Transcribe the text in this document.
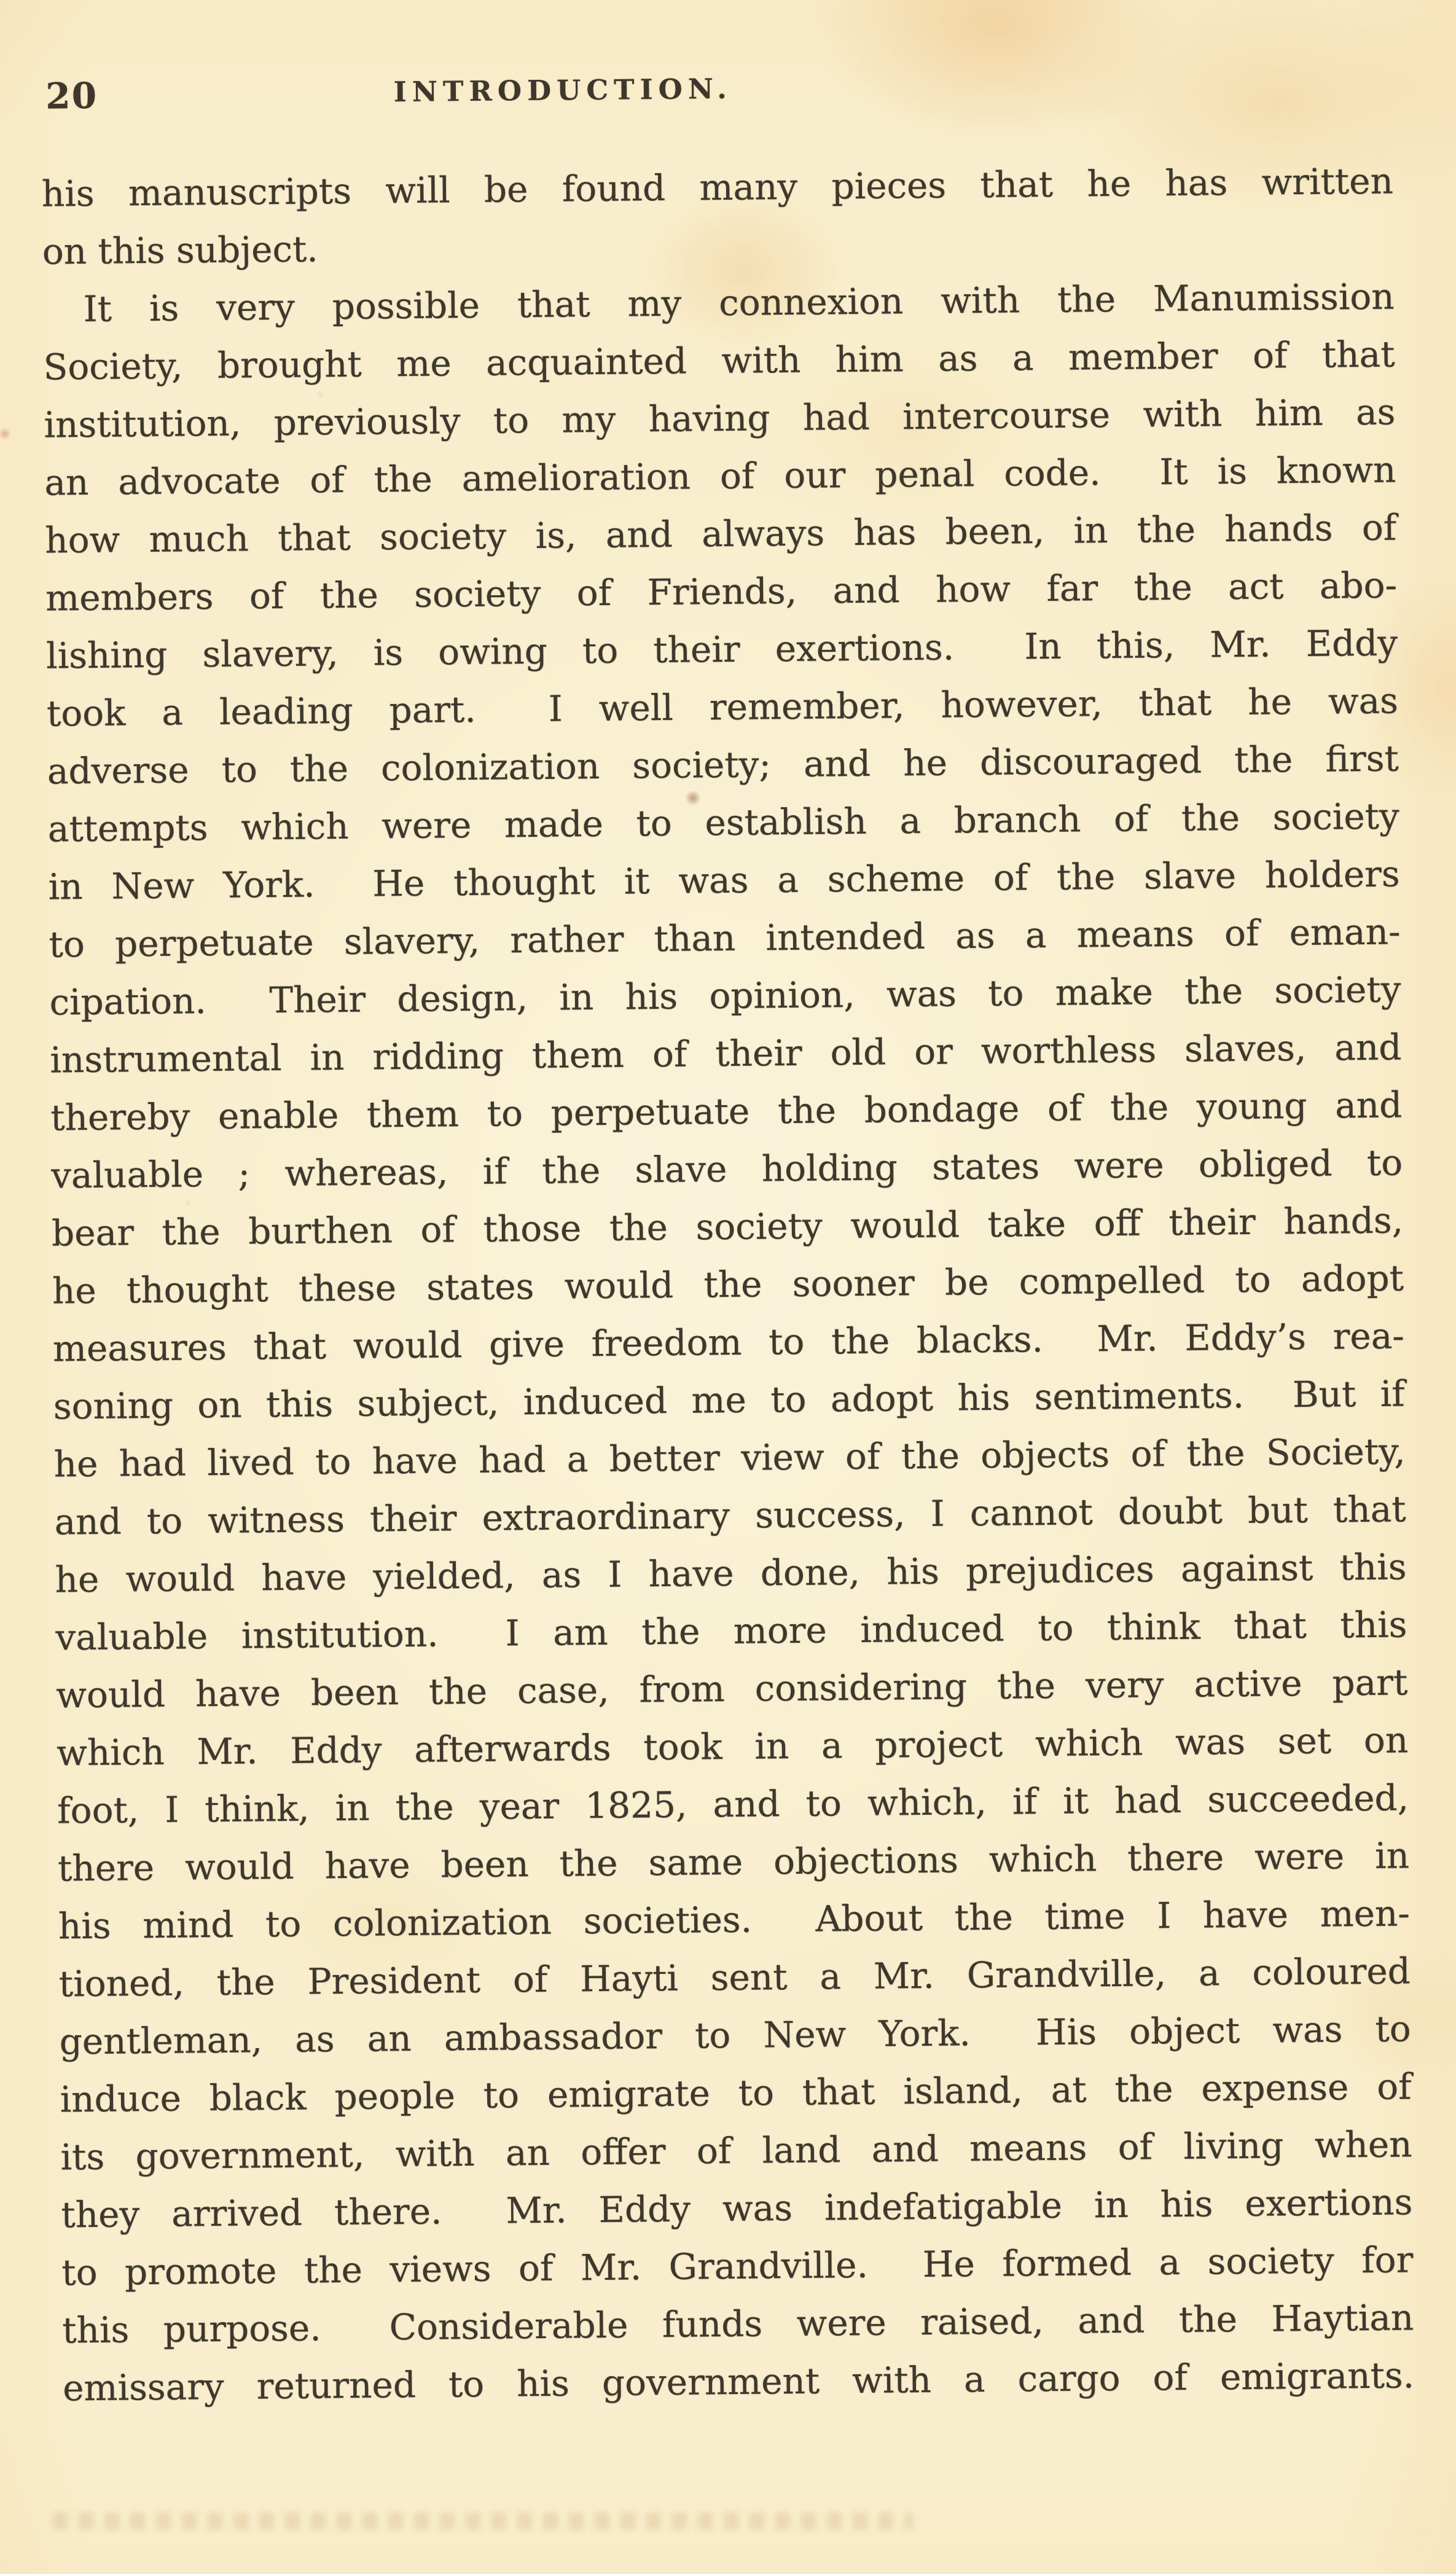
20	INTRODUCTION.
his manuscripts will be found many pieces that he has written
on this subject.
It is very possible that my connexion with the Manumission
Society, brought me acquainted with him as a member of that
institution, previously to my having had intercourse with him as
an advocate of the amelioration of our penal code.  It is known
how much that society is, and always has been, in the hands of
members of the society of Friends, and how far the act abo-
lishing slavery, is owing to their exertions.  In this, Mr. Eddy
took a leading part.  I well remember, however, that he was
adverse to the colonization society; and he discouraged the first
attempts which were made to establish a branch of the society
in New York.  He thought it was a scheme of the slave holders
to perpetuate slavery, rather than intended as a means of eman-
cipation.  Their design, in his opinion, was to make the society
instrumental in ridding them of their old or worthless slaves, and
thereby enable them to perpetuate the bondage of the young and
valuable ; whereas, if the slave holding states were obliged to
bear the burthen of those the society would take off their hands,
he thought these states would the sooner be compelled to adopt
measures that would give freedom to the blacks.  Mr. Eddy’s rea-
soning on this subject, induced me to adopt his sentiments.  But if
he had lived to have had a better view of the objects of the Society,
and to witness their extraordinary success, I cannot doubt but that
he would have yielded, as I have done, his prejudices against this
valuable institution.  I am the more induced to think that this
would have been the case, from considering the very active part
which Mr. Eddy afterwards took in a project which was set on
foot, I think, in the year 1825, and to which, if it had succeeded,
there would have been the same objections which there were in
his mind to colonization societies.  About the time I have men-
tioned, the President of Hayti sent a Mr. Grandville, a coloured
gentleman, as an ambassador to New York.  His object was to
induce black people to emigrate to that island, at the expense of
its government, with an offer of land and means of living when
they arrived there.  Mr. Eddy was indefatigable in his exertions
to promote the views of Mr. Grandville.  He formed a society for
this purpose.  Considerable funds were raised, and the Haytian
emissary returned to his government with a cargo of emigrants.
